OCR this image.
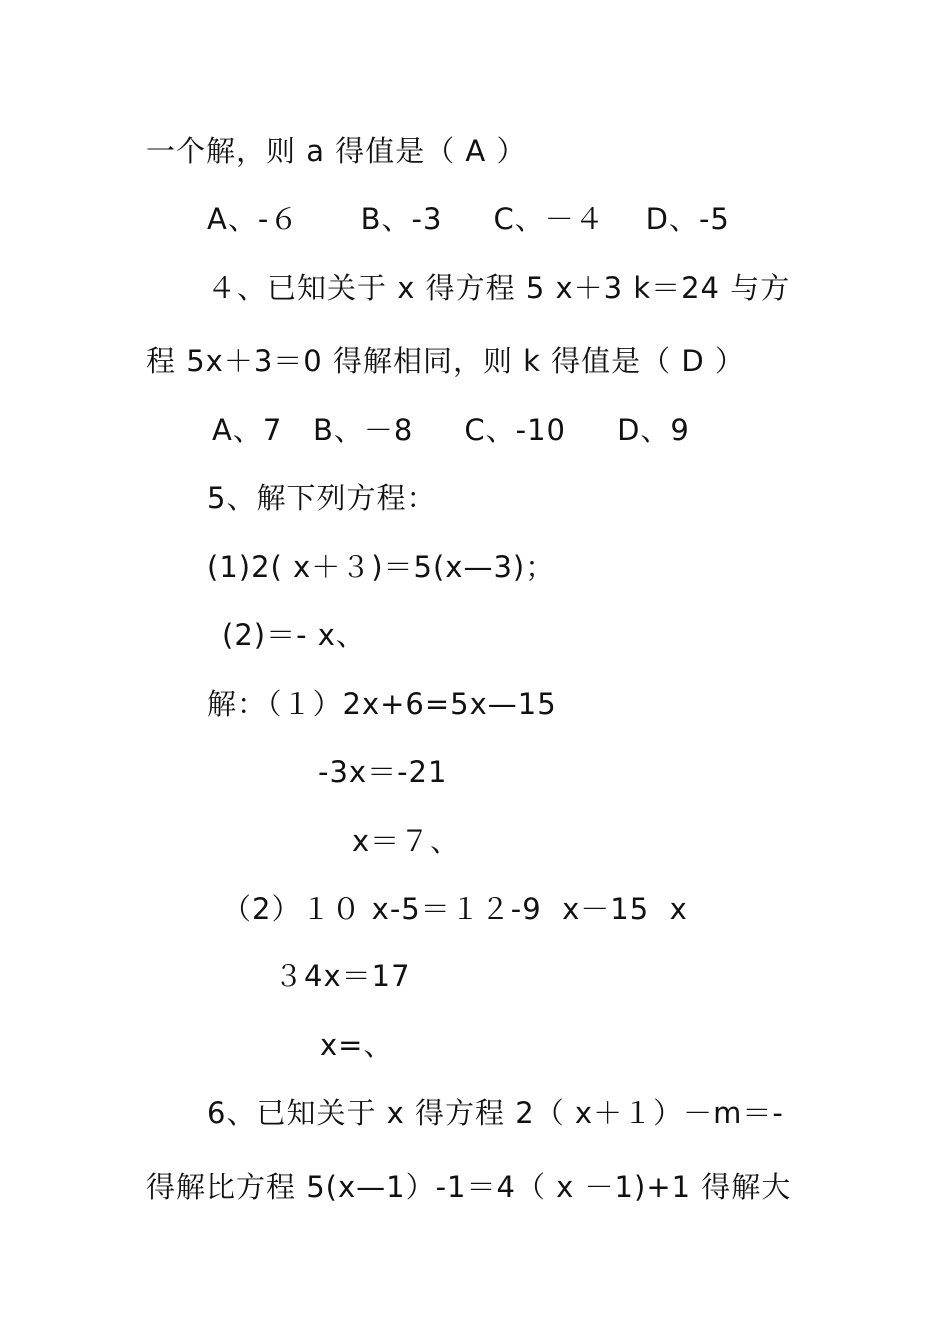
一个解，则 a 得值是（ A ）
A、-６      B、-3     C、－４    D、-5
４、已知关于 x 得方程 5 x＋3 k＝24 与方
程 5x＋3＝0 得解相同，则 k 得值是（ D ）
A、7   B、－8     C、-10     D、9
5、解下列方程：
(1)2( x＋３)＝5(x—3)；
(2)＝- x、
解：（１）2x+6=5x—15
-3x＝-21
x＝７、
（2）１０ x-5＝１２-9  x－15  x
３4x＝17
x=、
6、已知关于 x 得方程 2（ x＋１）－m＝-
得解比方程 5(x—1）-1＝4（ x －1)+1 得解大
